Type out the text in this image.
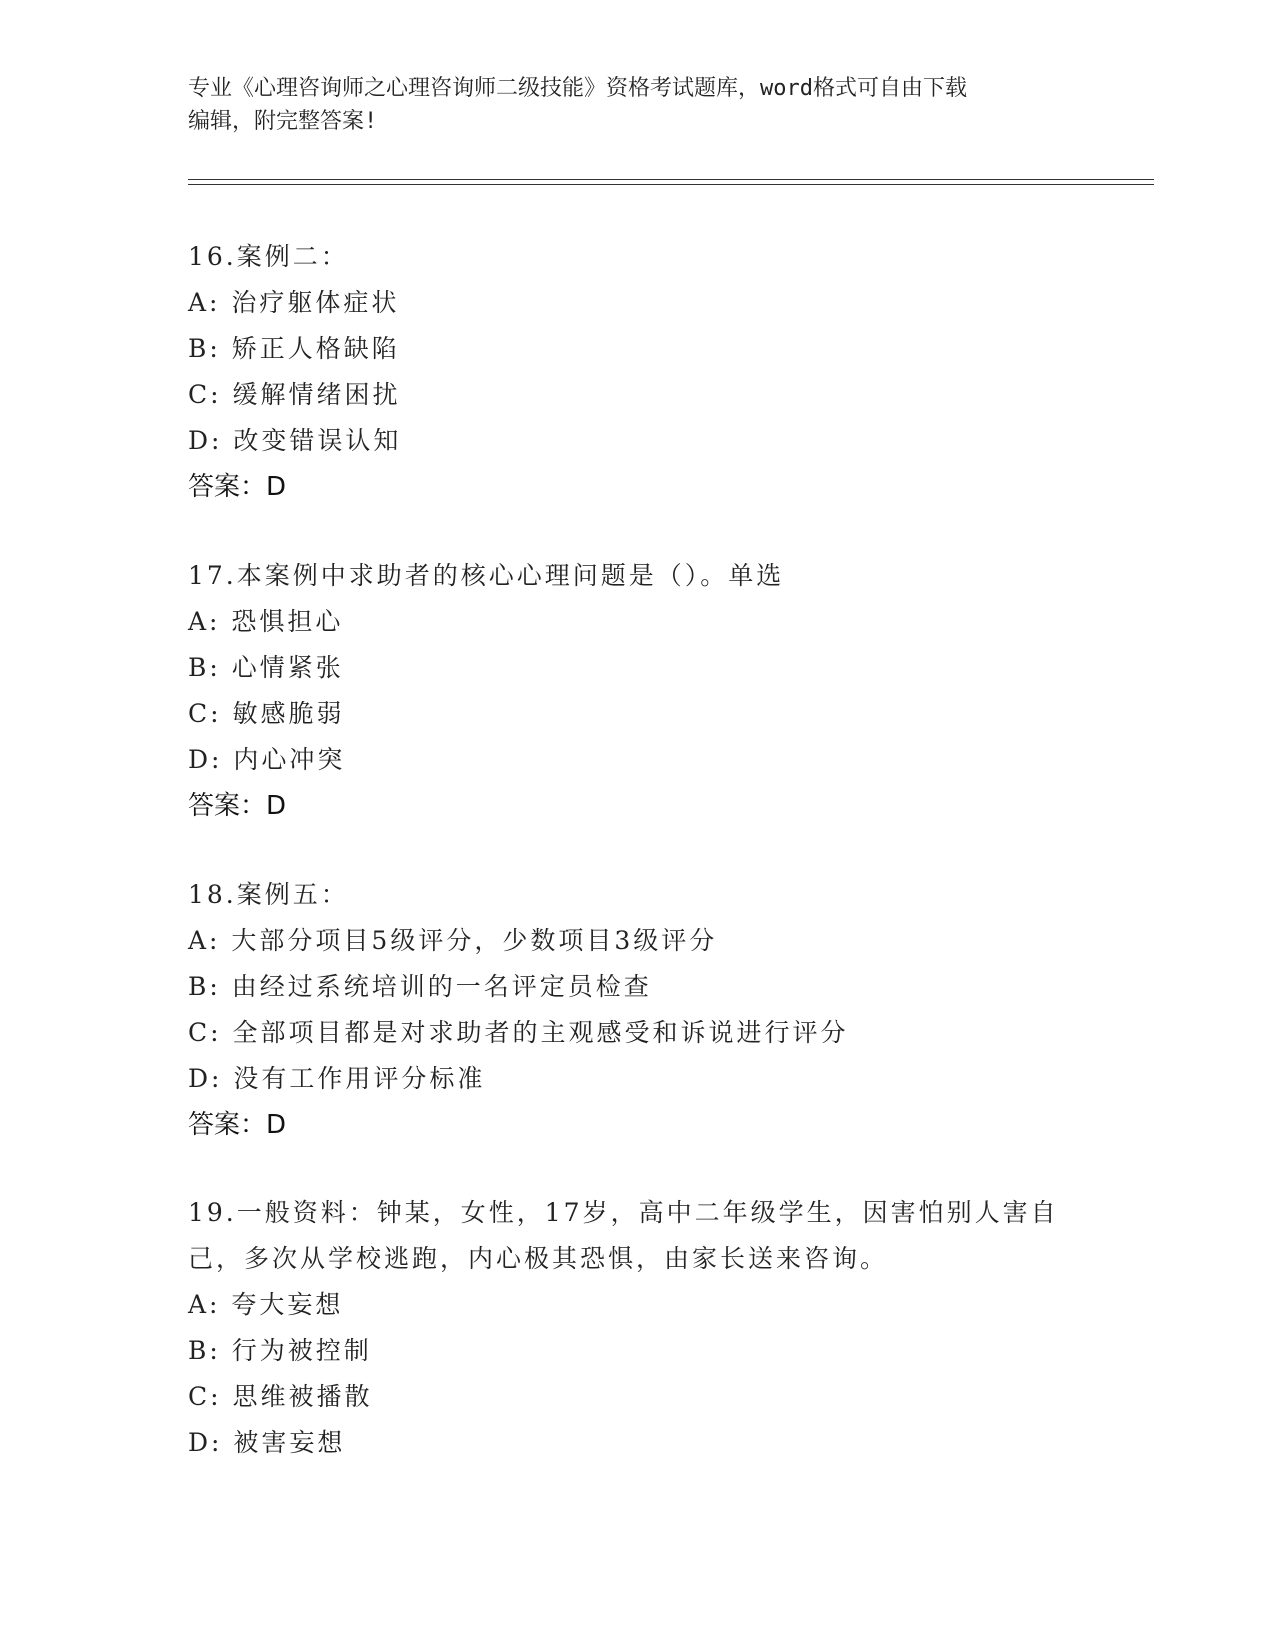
专业《心理咨询师之心理咨询师二级技能》资格考试题库，word格式可自由下载
编辑，附完整答案!
16.案例二：
A: 治疗躯体症状
B: 矫正人格缺陷
C: 缓解情绪困扰
D: 改变错误认知
答案：D
17.本案例中求助者的核心心理问题是（）。单选
A: 恐惧担心
B: 心情紧张
C: 敏感脆弱
D: 内心冲突
答案：D
18.案例五：
A: 大部分项目5级评分，少数项目3级评分
B: 由经过系统培训的一名评定员检查
C: 全部项目都是对求助者的主观感受和诉说进行评分
D: 没有工作用评分标准
答案：D
19.一般资料：钟某，女性，17岁，高中二年级学生，因害怕别人害自
己，多次从学校逃跑，内心极其恐惧，由家长送来咨询。
A: 夸大妄想
B: 行为被控制
C: 思维被播散
D: 被害妄想
